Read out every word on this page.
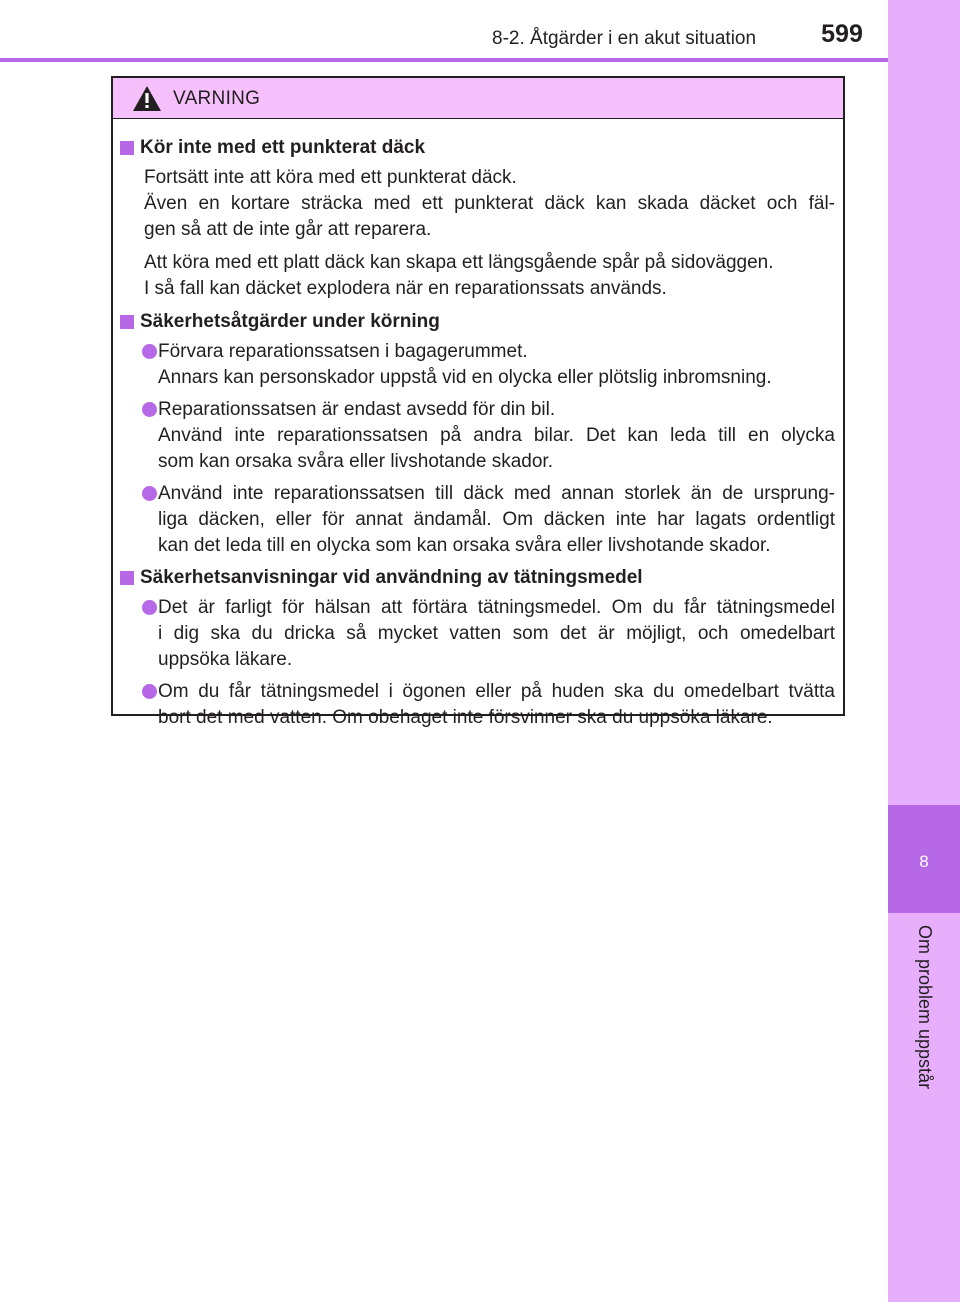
8
Om problem uppstår
8-2. Åtgärder i en akut situation	599
VARNING
Kör inte med ett punkterat däck
Fortsätt inte att köra med ett punkterat däck.
Även en kortare sträcka med ett punkterat däck kan skada däcket och fäl-
gen så att de inte går att reparera.
Att köra med ett platt däck kan skapa ett längsgående spår på sidoväggen.
I så fall kan däcket explodera när en reparationssats används.
Säkerhetsåtgärder under körning
Förvara reparationssatsen i bagagerummet.
Annars kan personskador uppstå vid en olycka eller plötslig inbromsning.
Reparationssatsen är endast avsedd för din bil.
Använd inte reparationssatsen på andra bilar. Det kan leda till en olycka
som kan orsaka svåra eller livshotande skador.
Använd inte reparationssatsen till däck med annan storlek än de ursprung-
liga däcken, eller för annat ändamål. Om däcken inte har lagats ordentligt
kan det leda till en olycka som kan orsaka svåra eller livshotande skador.
Säkerhetsanvisningar vid användning av tätningsmedel
Det är farligt för hälsan att förtära tätningsmedel. Om du får tätningsmedel
i dig ska du dricka så mycket vatten som det är möjligt, och omedelbart
uppsöka läkare.
Om du får tätningsmedel i ögonen eller på huden ska du omedelbart tvätta
bort det med vatten. Om obehaget inte försvinner ska du uppsöka läkare.
